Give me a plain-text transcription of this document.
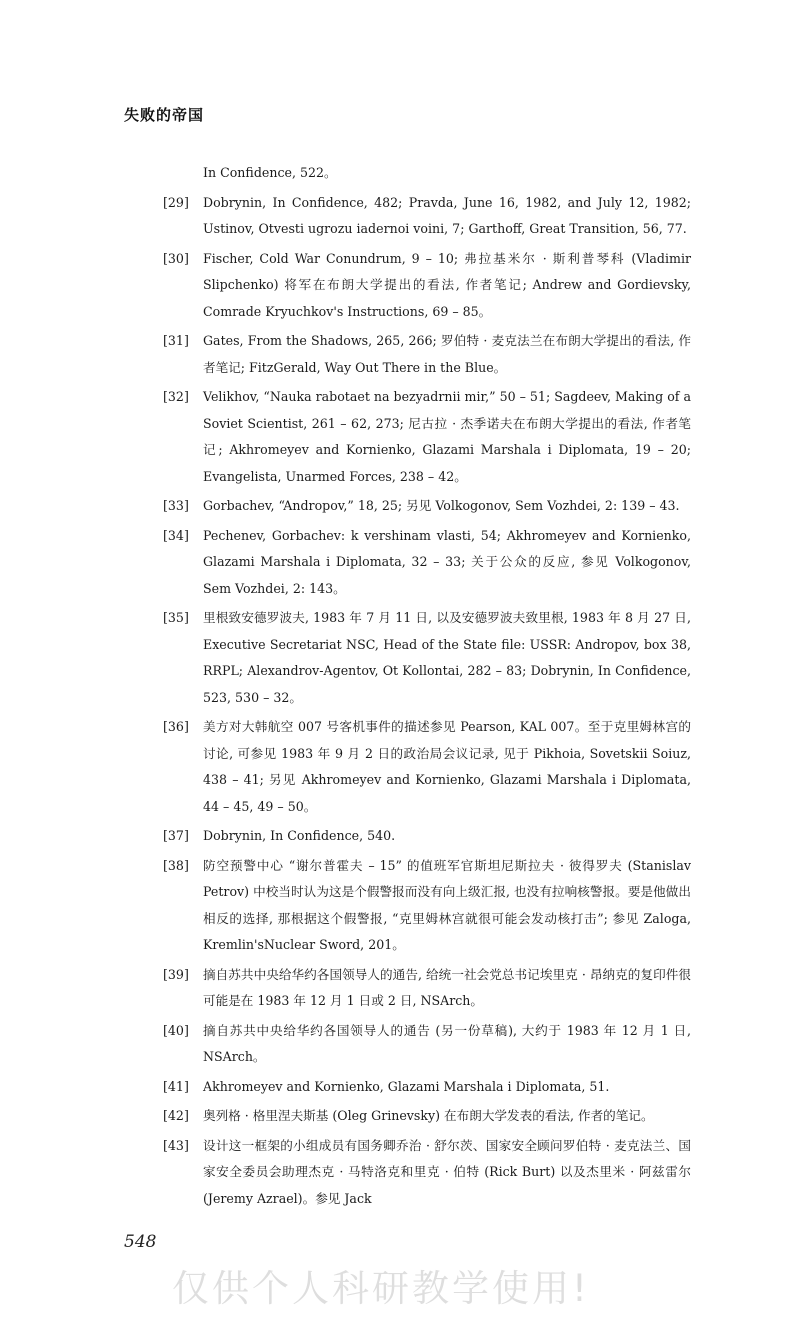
失败的帝国
In Confidence, 522。
[29]	Dobrynin, In Confidence, 482; Pravda, June 16, 1982, and July 12, 1982; Ustinov, Otvesti ugrozu iadernoi voini, 7; Garthoff, Great Transition, 56, 77.
[30]	Fischer, Cold War Conundrum, 9 – 10; 弗拉基米尔 · 斯利普琴科 (Vladimir Slipchenko) 将军在布朗大学提出的看法, 作者笔记; Andrew and Gordievsky, Comrade Kryuchkov's Instructions, 69 – 85。
[31]	Gates, From the Shadows, 265, 266; 罗伯特 · 麦克法兰在布朗大学提出的看法, 作者笔记; FitzGerald, Way Out There in the Blue。
[32]	Velikhov, “Nauka rabotaet na bezyadrnii mir,” 50 – 51; Sagdeev, Making of a Soviet Scientist, 261 – 62, 273; 尼古拉 · 杰季诺夫在布朗大学提出的看法, 作者笔记; Akhromeyev and Kornienko, Glazami Marshala i Diplomata, 19 – 20; Evangelista, Unarmed Forces, 238 – 42。
[33]	Gorbachev, “Andropov,” 18, 25; 另见 Volkogonov, Sem Vozhdei, 2: 139 – 43.
[34]	Pechenev, Gorbachev: k vershinam vlasti, 54; Akhromeyev and Kornienko, Glazami Marshala i Diplomata, 32 – 33; 关于公众的反应, 参见 Volkogonov, Sem Vozhdei, 2: 143。
[35]	里根致安德罗波夫, 1983 年 7 月 11 日, 以及安德罗波夫致里根, 1983 年 8 月 27 日, Executive Secretariat NSC, Head of the State file: USSR: Andropov, box 38, RRPL; Alexandrov-Agentov, Ot Kollontai, 282 – 83; Dobrynin, In Confidence, 523, 530 – 32。
[36]	美方对大韩航空 007 号客机事件的描述参见 Pearson, KAL 007。至于克里姆林宫的讨论, 可参见 1983 年 9 月 2 日的政治局会议记录, 见于 Pikhoia, Sovetskii Soiuz, 438 – 41; 另见 Akhromeyev and Kornienko, Glazami Marshala i Diplomata, 44 – 45, 49 – 50。
[37]	Dobrynin, In Confidence, 540.
[38]	防空预警中心 “谢尔普霍夫 – 15” 的值班军官斯坦尼斯拉夫 · 彼得罗夫 (Stanislav Petrov) 中校当时认为这是个假警报而没有向上级汇报, 也没有拉响核警报。要是他做出相反的选择, 那根据这个假警报, “克里姆林宫就很可能会发动核打击”; 参见 Zaloga, Kremlin'sNuclear Sword, 201。
[39]	摘自苏共中央给华约各国领导人的通告, 给统一社会党总书记埃里克 · 昂纳克的复印件很可能是在 1983 年 12 月 1 日或 2 日, NSArch。
[40]	摘自苏共中央给华约各国领导人的通告 (另一份草稿), 大约于 1983 年 12 月 1 日, NSArch。
[41]	Akhromeyev and Kornienko, Glazami Marshala i Diplomata, 51.
[42]	奥列格 · 格里涅夫斯基 (Oleg Grinevsky) 在布朗大学发表的看法, 作者的笔记。
[43]	设计这一框架的小组成员有国务卿乔治 · 舒尔茨、国家安全顾问罗伯特 · 麦克法兰、国家安全委员会助理杰克 · 马特洛克和里克 · 伯特 (Rick Burt) 以及杰里米 · 阿兹雷尔 (Jeremy Azrael)。参见 Jack
548
仅供个人科研教学使用!
